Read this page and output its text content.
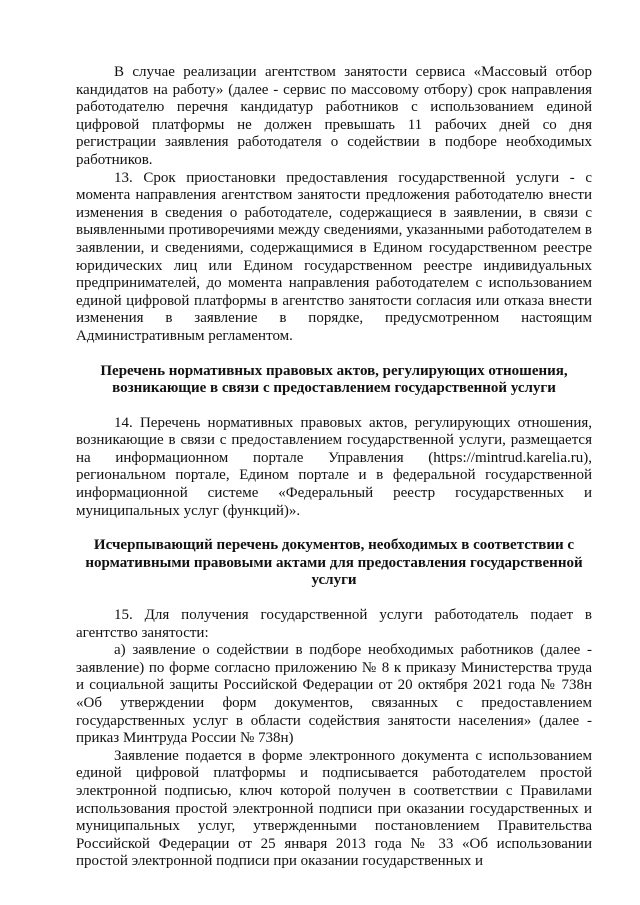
В случае реализации агентством занятости сервиса «Массовый отбор кандидатов на работу» (далее - сервис по массовому отбору) срок направления работодателю перечня кандидатур работников с использованием единой цифровой платформы не должен превышать 11 рабочих дней со дня регистрации заявления работодателя о содействии в подборе необходимых работников.

13. Срок приостановки предоставления государственной услуги - с момента направления агентством занятости предложения работодателю внести изменения в сведения о работодателе, содержащиеся в заявлении, в связи с выявленными противоречиями между сведениями, указанными работодателем в заявлении, и сведениями, содержащимися в Едином государственном реестре юридических лиц или Едином государственном реестре индивидуальных предпринимателей, до момента направления работодателем с использованием единой цифровой платформы в агентство занятости согласия или отказа внести изменения в заявление в порядке, предусмотренном настоящим Административным регламентом.

Перечень нормативных правовых актов, регулирующих отношения, возникающие в связи с предоставлением государственной услуги

14. Перечень нормативных правовых актов, регулирующих отношения, возникающие в связи с предоставлением государственной услуги, размещается на информационном портале Управления (https://mintrud.karelia.ru), региональном портале, Едином портале и в федеральной государственной информационной системе «Федеральный реестр государственных и муниципальных услуг (функций)».

Исчерпывающий перечень документов, необходимых в соответствии с нормативными правовыми актами для предоставления государственной услуги

15. Для получения государственной услуги работодатель подает в агентство занятости:

а) заявление о содействии в подборе необходимых работников (далее - заявление) по форме согласно приложению № 8 к приказу Министерства труда и социальной защиты Российской Федерации от 20 октября 2021 года № 738н «Об утверждении форм документов, связанных с предоставлением государственных услуг в области содействия занятости населения» (далее - приказ Минтруда России № 738н)

Заявление подается в форме электронного документа с использованием единой цифровой платформы и подписывается работодателем простой электронной подписью, ключ которой получен в соответствии с Правилами использования простой электронной подписи при оказании государственных и муниципальных услуг, утвержденными постановлением Правительства Российской Федерации от 25 января 2013 года № 33 «Об использовании простой электронной подписи при оказании государственных и
